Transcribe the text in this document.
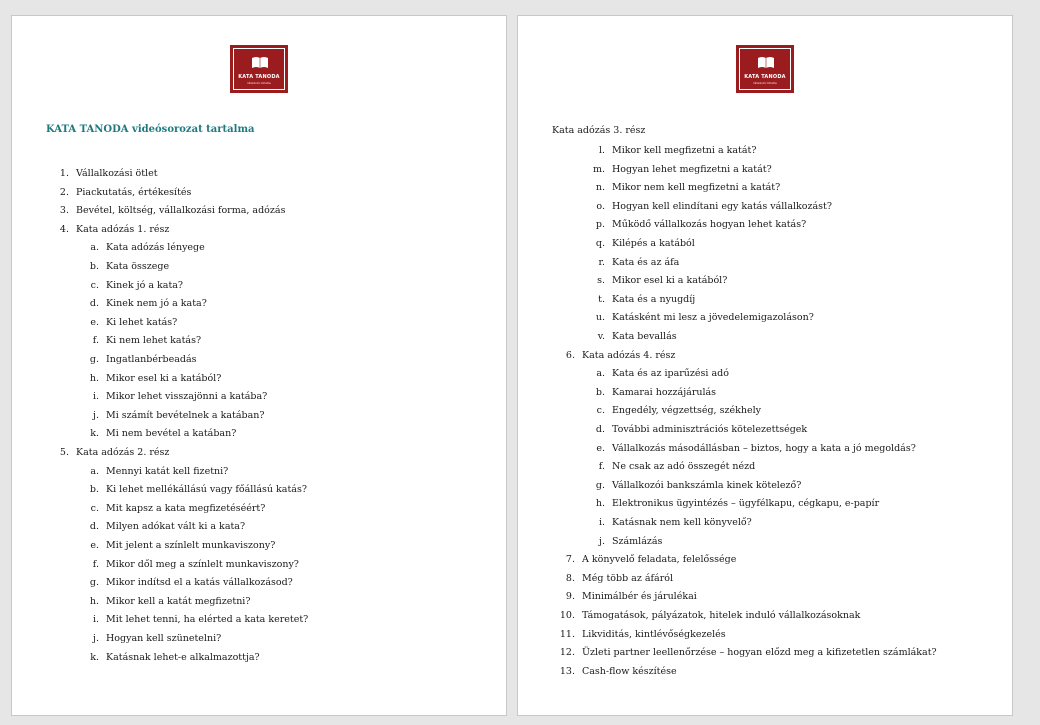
KATA TANODA
Vállalkozói Oktatás
KATA TANODA videósorozat tartalma
1. Vállalkozási ötlet
2. Piackutatás, értékesítés
3. Bevétel, költség, vállalkozási forma, adózás
4. Kata adózás 1. rész
a. Kata adózás lényege
b. Kata összege
c. Kinek jó a kata?
d. Kinek nem jó a kata?
e. Ki lehet katás?
f. Ki nem lehet katás?
g. Ingatlanbérbeadás
h. Mikor esel ki a katából?
i. Mikor lehet visszajönni a katába?
j. Mi számít bevételnek a katában?
k. Mi nem bevétel a katában?
5. Kata adózás 2. rész
a. Mennyi katát kell fizetni?
b. Ki lehet mellékállású vagy főállású katás?
c. Mit kapsz a kata megfizetéséért?
d. Milyen adókat vált ki a kata?
e. Mit jelent a színlelt munkaviszony?
f. Mikor dől meg a színlelt munkaviszony?
g. Mikor indítsd el a katás vállalkozásod?
h. Mikor kell a katát megfizetni?
i. Mit lehet tenni, ha elérted a kata keretet?
j. Hogyan kell szünetelni?
k. Katásnak lehet-e alkalmazottja?
KATA TANODA
Vállalkozói Oktatás
Kata adózás 3. rész
l. Mikor kell megfizetni a katát?
m. Hogyan lehet megfizetni a katát?
n. Mikor nem kell megfizetni a katát?
o. Hogyan kell elindítani egy katás vállalkozást?
p. Működő vállalkozás hogyan lehet katás?
q. Kilépés a katából
r. Kata és az áfa
s. Mikor esel ki a katából?
t. Kata és a nyugdíj
u. Katásként mi lesz a jövedelemigazoláson?
v. Kata bevallás
6. Kata adózás 4. rész
a. Kata és az iparűzési adó
b. Kamarai hozzájárulás
c. Engedély, végzettség, székhely
d. További adminisztrációs kötelezettségek
e. Vállalkozás másodállásban – biztos, hogy a kata a jó megoldás?
f. Ne csak az adó összegét nézd
g. Vállalkozói bankszámla kinek kötelező?
h. Elektronikus ügyintézés – ügyfélkapu, cégkapu, e-papír
i. Katásnak nem kell könyvelő?
j. Számlázás
7. A könyvelő feladata, felelőssége
8. Még több az áfáról
9. Minimálbér és járulékai
10. Támogatások, pályázatok, hitelek induló vállalkozásoknak
11. Likviditás, kintlévőségkezelés
12. Üzleti partner leellenőrzése – hogyan előzd meg a kifizetetlen számlákat?
13. Cash-flow készítése
